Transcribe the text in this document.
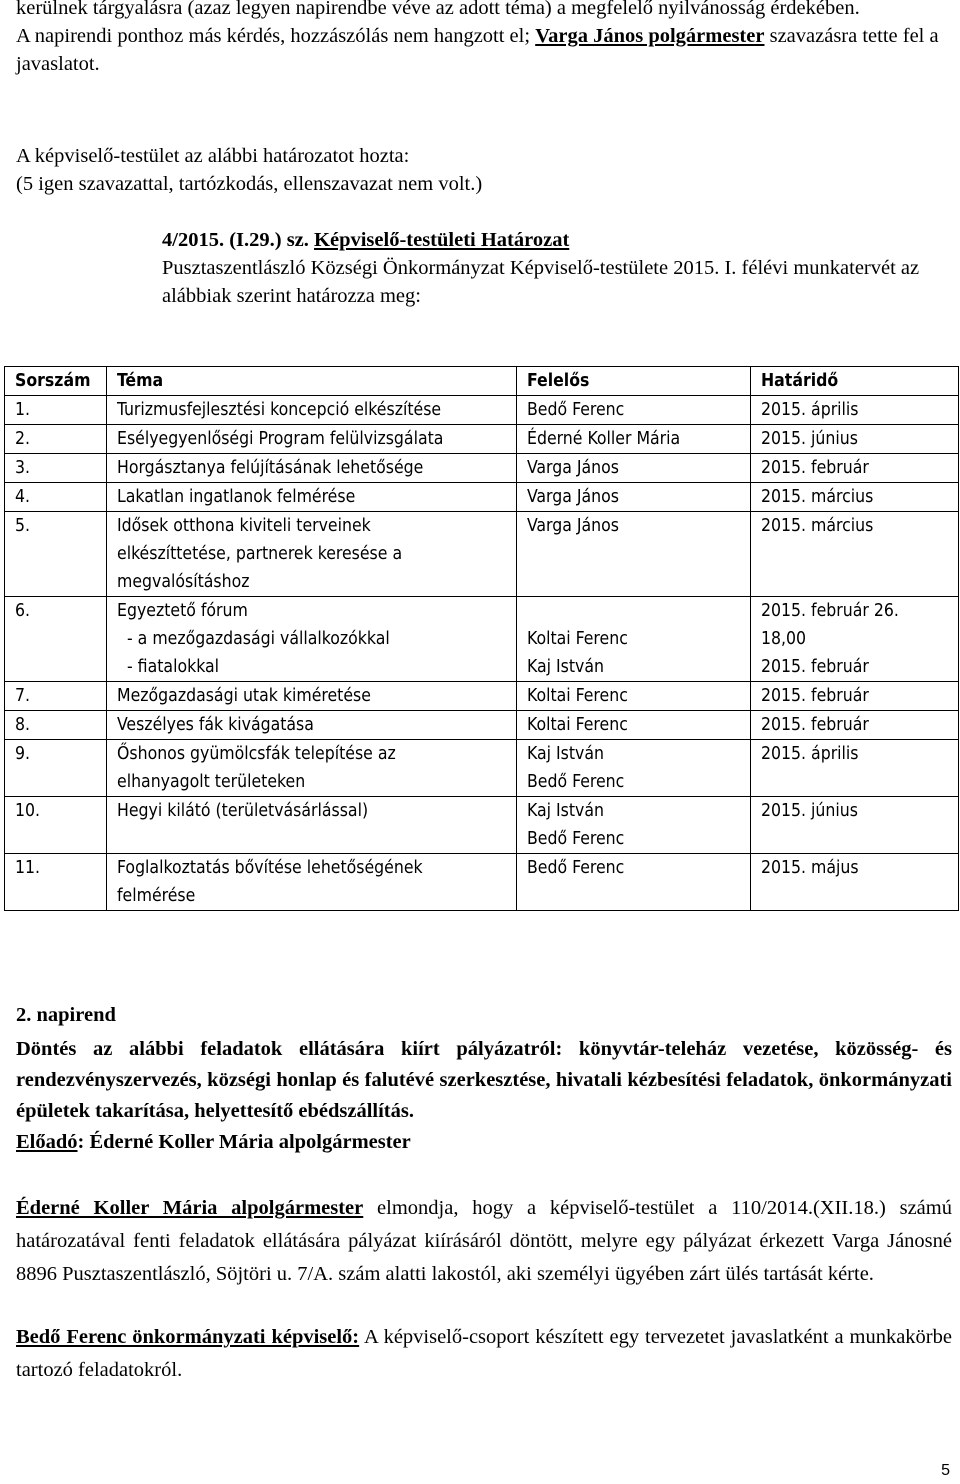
kerülnek tárgyalásra (azaz legyen napirendbe véve az adott téma) a megfelelő nyilvánosság érdekében.
A napirendi ponthoz más kérdés, hozzászólás nem hangzott el; Varga János polgármester szavazásra tette fel a javaslatot.

A képviselő-testület az alábbi határozatot hozta:
(5 igen szavazattal, tartózkodás, ellenszavazat nem volt.)

4/2015. (I.29.) sz. Képviselő-testületi Határozat
Pusztaszentlászló Községi Önkormányzat Képviselő-testülete 2015. I. félévi munkatervét az alábbiak szerint határozza meg:

Sorszám	Téma	Felelős	Határidő

1.	Turizmusfejlesztési koncepció elkészítése	Bedő Ferenc	2015. április

2.	Esélyegyenlőségi Program felülvizsgálata	Éderné Koller Mária	2015. június

3.	Horgásztanya felújításának lehetősége	Varga János	2015. február

4.	Lakatlan ingatlanok felmérése	Varga János	2015. március

5.	Idősek otthona kiviteli terveinek
elkészíttetése, partnerek keresése a
megvalósításhoz	Varga János	2015. március

6.	Egyeztető fórum
- a mezőgazdasági vállalkozókkal
- fiatalokkal	Koltai Ferenc
Kaj István	2015. február 26.
18,00
2015. február

7.	Mezőgazdasági utak kiméretése	Koltai Ferenc	2015. február

8.	Veszélyes fák kivágatása	Koltai Ferenc	2015. február

9.	Őshonos gyümölcsfák telepítése az
elhanyagolt területeken	Kaj István
Bedő Ferenc	2015. április

10.	Hegyi kilátó (területvásárlással)	Kaj István
Bedő Ferenc	2015. június

11.	Foglalkoztatás bővítése lehetőségének
felmérése	Bedő Ferenc	2015. május

2. napirend

Döntés az alábbi feladatok ellátására kiírt pályázatról: könyvtár-teleház vezetése, közösség- és rendezvényszervezés, községi honlap és falutévé szerkesztése, hivatali kézbesítési feladatok, önkormányzati épületek takarítása, helyettesítő ebédszállítás.

Előadó: Éderné Koller Mária alpolgármester

Éderné Koller Mária alpolgármester elmondja, hogy a képviselő-testület a 110/2014.(XII.18.) számú határozatával fenti feladatok ellátására pályázat kiírásáról döntött, melyre egy pályázat érkezett Varga Jánosné 8896 Pusztaszentlászló, Söjtöri u. 7/A. szám alatti lakostól, aki személyi ügyében zárt ülés tartását kérte.

Bedő Ferenc önkormányzati képviselő: A képviselő-csoport készített egy tervezetet javaslatként a munkakörbe tartozó feladatokról.

5
